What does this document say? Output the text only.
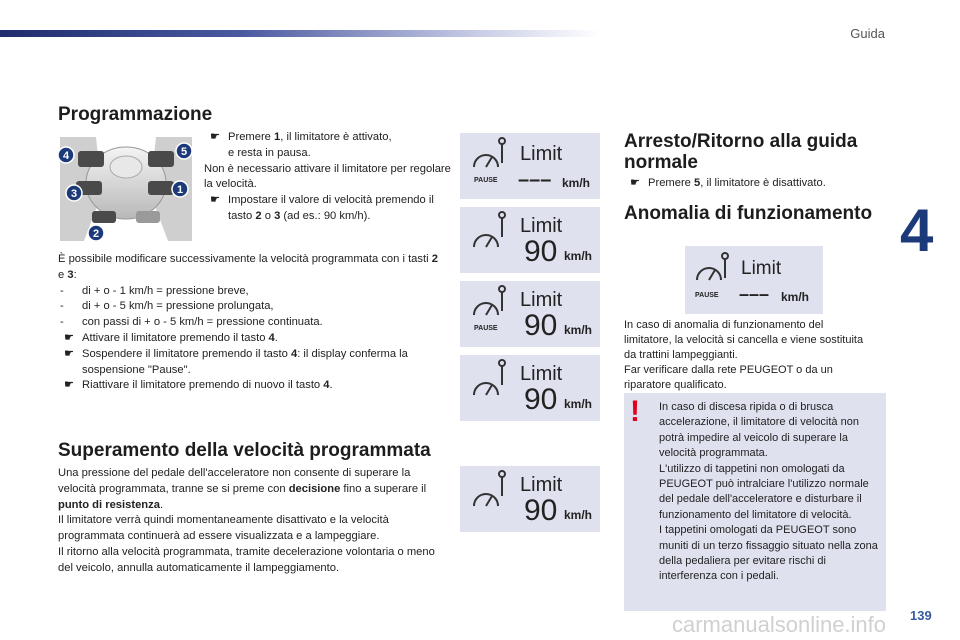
Guida
4
139
carmanualsonline.info
Programmazione
4	5
3	1
2

☛ Premere 1, il limitatore è attivato,

e resta in pausa.

Non è necessario attivare il limitatore per regolare la velocità.

☛ Impostare il valore di velocità premendo il tasto 2 o 3 (ad es.: 90 km/h).

È possibile modificare successivamente la velocità programmata con i tasti 2 e 3:

- di + o - 1 km/h = pressione breve,

- di + o - 5 km/h = pressione prolungata,

- con passi di + o - 5 km/h = pressione continuata.

☛ Attivare il limitatore premendo il tasto 4.

☛ Sospendere il limitatore premendo il tasto 4: il display conferma la sospensione "Pause".

☛ Riattivare il limitatore premendo di nuovo il tasto 4.

Superamento della velocità programmata

Una pressione del pedale dell'acceleratore non consente di superare la velocità programmata, tranne se si preme con decisione fino a superare il punto di resistenza.

Il limitatore verrà quindi momentaneamente disattivato e la velocità programmata continuerà ad essere visualizzata e a lampeggiare.

Il ritorno alla velocità programmata, tramite decelerazione volontaria o meno del veicolo, annulla automaticamente il lampeggiamento.

Limit
PAUSE ––– km/h
Limit
90 km/h
Limit
PAUSE 90 km/h
Limit
90 km/h
Limit
90 km/h
Arresto/Ritorno alla guida normale

☛ Premere 5, il limitatore è disattivato.

Anomalia di funzionamento
Limit
PAUSE ––– km/h

In caso di anomalia di funzionamento del limitatore, la velocità si cancella e viene sostituita da trattini lampeggianti.

Far verificare dalla rete PEUGEOT o da un riparatore qualificato.

!	In caso di discesa ripida o di brusca accelerazione, il limitatore di velocità non potrà impedire al veicolo di superare la velocità programmata.
L'utilizzo di tappetini non omologati da PEUGEOT può intralciare l'utilizzo normale del pedale dell'acceleratore e disturbare il funzionamento del limitatore di velocità.
I tappetini omologati da PEUGEOT sono muniti di un terzo fissaggio situato nella zona della pedaliera per evitare rischi di interferenza con i pedali.
